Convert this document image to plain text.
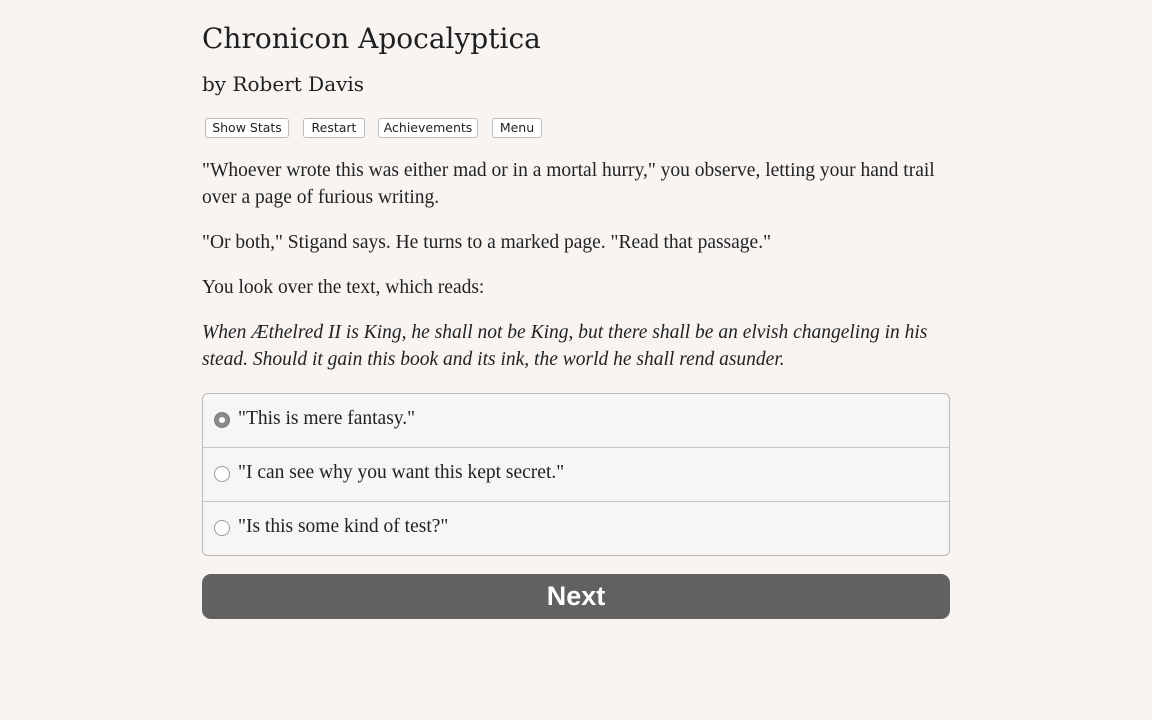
Chronicon Apocalyptica
by Robert Davis
Show Stats	Restart	Achievements	Menu

"Whoever wrote this was either mad or in a mortal hurry," you observe, letting your hand trail over a page of furious writing.

"Or both," Stigand says. He turns to a marked page. "Read that passage."

You look over the text, which reads:

When Æthelred II is King, he shall not be King, but there shall be an elvish changeling in his stead. Should it gain this book and its ink, the world he shall rend asunder.

"This is mere fantasy."
"I can see why you want this kept secret."
"Is this some kind of test?"
Next
